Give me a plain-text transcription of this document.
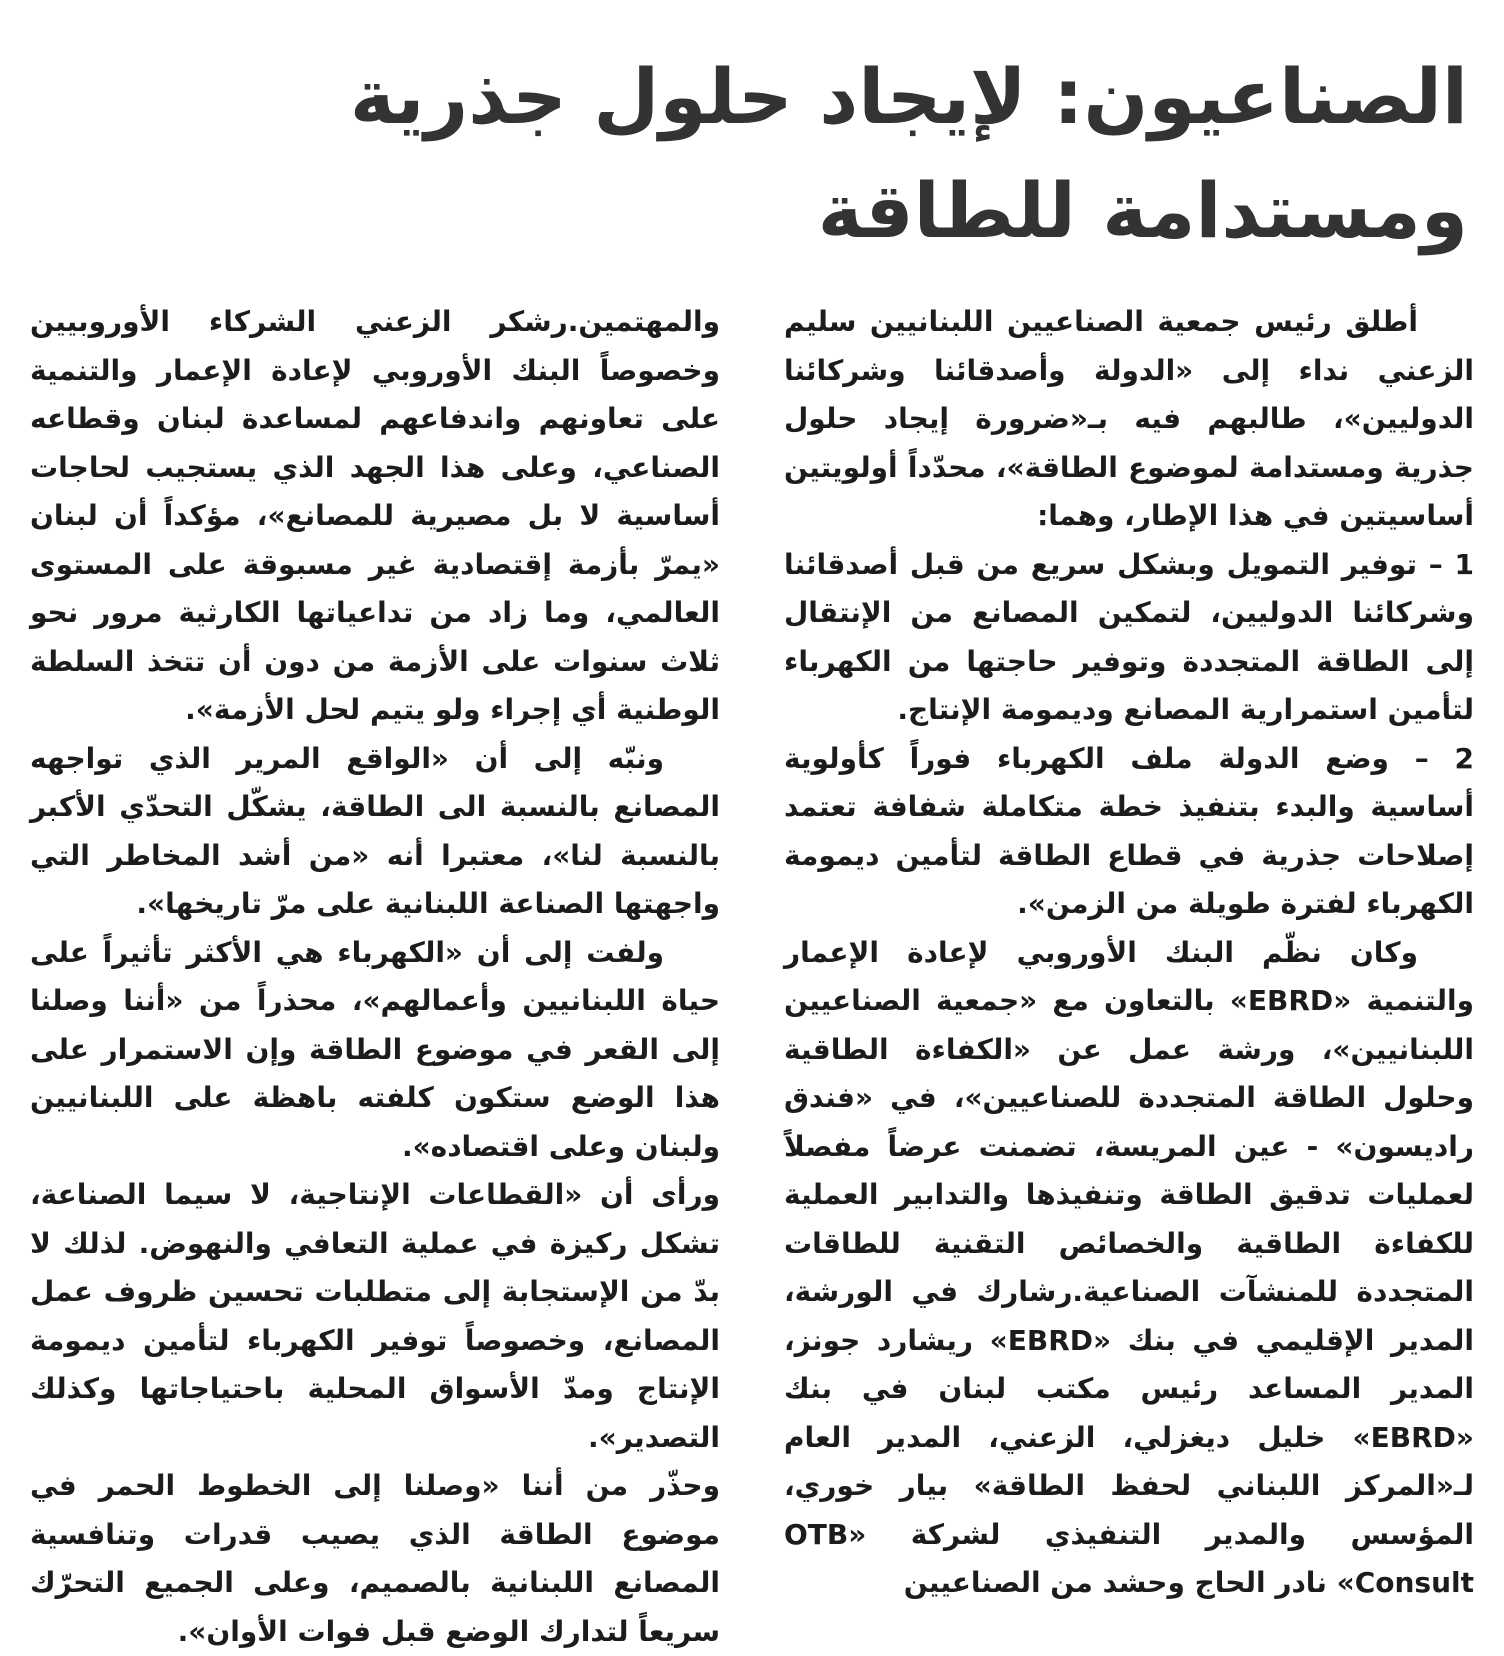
الصناعيون: لإيجاد حلول جذرية
ومستدامة للطاقة

أطلق رئيس جمعية الصناعيين اللبنانيين سليم الزعني نداء إلى «الدولة وأصدقائنا وشركائنا الدوليين»، طالبهم فيه بـ«ضرورة إيجاد حلول جذرية ومستدامة لموضوع الطاقة»، محدّداً أولويتين أساسيتين في هذا الإطار، وهما:

1 – توفير التمويل وبشكل سريع من قبل أصدقائنا وشركائنا الدوليين، لتمكين المصانع من الإنتقال إلى الطاقة المتجددة وتوفير حاجتها من الكهرباء لتأمين استمرارية المصانع وديمومة الإنتاج.

2 – وضع الدولة ملف الكهرباء فوراً كأولوية أساسية والبدء بتنفيذ خطة متكاملة شفافة تعتمد إصلاحات جذرية في قطاع الطاقة لتأمين ديمومة الكهرباء لفترة طويلة من الزمن».

وكان نظّم البنك الأوروبي لإعادة الإعمار والتنمية «EBRD» بالتعاون مع «جمعية الصناعيين اللبنانيين»، ورشة عمل عن «الكفاءة الطاقية وحلول الطاقة المتجددة للصناعيين»، في «فندق راديسون» - عين المريسة، تضمنت عرضاً مفصلاً لعمليات تدقيق الطاقة وتنفيذها والتدابير العملية للكفاءة الطاقية والخصائص التقنية للطاقات المتجددة للمنشآت الصناعية.رشارك في الورشة، المدير الإقليمي في بنك «EBRD» ريشارد جونز، المدير المساعد رئيس مكتب لبنان في بنك «EBRD» خليل ديغزلي، الزعني، المدير العام لـ«المركز اللبناني لحفظ الطاقة» بيار خوري، المؤسس والمدير التنفيذي لشركة «OTB Consult» نادر الحاج وحشد من الصناعيين

والمهتمين.رشكر الزعني الشركاء الأوروبيين وخصوصاً البنك الأوروبي لإعادة الإعمار والتنمية على تعاونهم واندفاعهم لمساعدة لبنان وقطاعه الصناعي، وعلى هذا الجهد الذي يستجيب لحاجات أساسية لا بل مصيرية للمصانع»، مؤكداً أن لبنان «يمرّ بأزمة إقتصادية غير مسبوقة على المستوى العالمي، وما زاد من تداعياتها الكارثية مرور نحو ثلاث سنوات على الأزمة من دون أن تتخذ السلطة الوطنية أي إجراء ولو يتيم لحل الأزمة».

ونبّه إلى أن «الواقع المرير الذي تواجهه المصانع بالنسبة الى الطاقة، يشكّل التحدّي الأكبر بالنسبة لنا»، معتبرا أنه «من أشد المخاطر التي واجهتها الصناعة اللبنانية على مرّ تاريخها».

ولفت إلى أن «الكهرباء هي الأكثر تأثيراً على حياة اللبنانيين وأعمالهم»، محذراً من «أننا وصلنا إلى القعر في موضوع الطاقة وإن الاستمرار على هذا الوضع ستكون كلفته باهظة على اللبنانيين ولبنان وعلى اقتصاده».

ورأى أن «القطاعات الإنتاجية، لا سيما الصناعة، تشكل ركيزة في عملية التعافي والنهوض. لذلك لا بدّ من الإستجابة إلى متطلبات تحسين ظروف عمل المصانع، وخصوصاً توفير الكهرباء لتأمين ديمومة الإنتاج ومدّ الأسواق المحلية باحتياجاتها وكذلك التصدير».

وحذّر من أننا «وصلنا إلى الخطوط الحمر في موضوع الطاقة الذي يصيب قدرات وتنافسية المصانع اللبنانية بالصميم، وعلى الجميع التحرّك سريعاً لتدارك الوضع قبل فوات الأوان».
